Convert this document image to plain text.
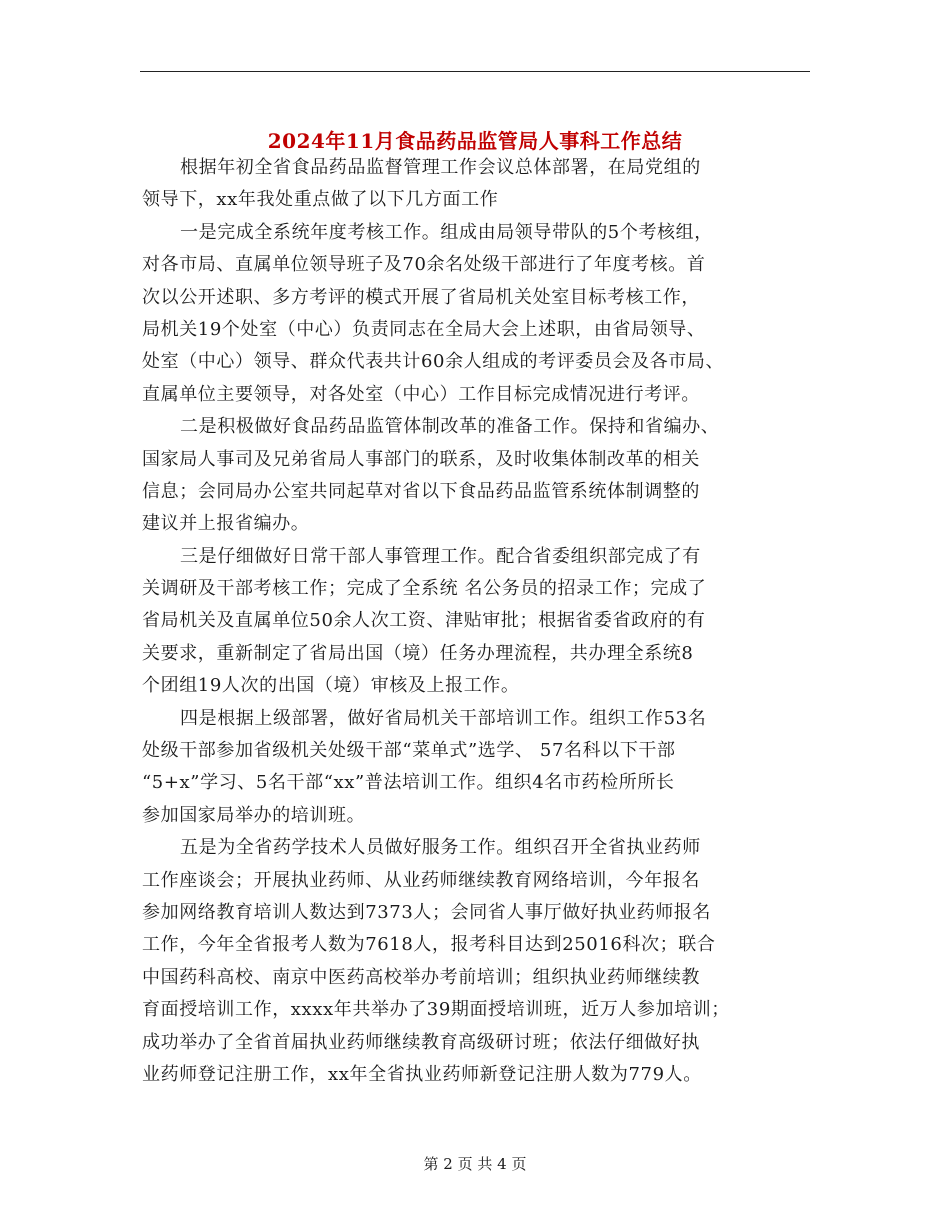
2024年11月食品药品监管局人事科工作总结
根据年初全省食品药品监督管理工作会议总体部署，在局党组的
领导下，xx年我处重点做了以下几方面工作
一是完成全系统年度考核工作。组成由局领导带队的5个考核组，
对各市局、直属单位领导班子及70余名处级干部进行了年度考核。首
次以公开述职、多方考评的模式开展了省局机关处室目标考核工作，
局机关19个处室（中心）负责同志在全局大会上述职，由省局领导、
处室（中心）领导、群众代表共计60余人组成的考评委员会及各市局、
直属单位主要领导，对各处室（中心）工作目标完成情况进行考评。
二是积极做好食品药品监管体制改革的准备工作。保持和省编办、
国家局人事司及兄弟省局人事部门的联系，及时收集体制改革的相关
信息；会同局办公室共同起草对省以下食品药品监管系统体制调整的
建议并上报省编办。
三是仔细做好日常干部人事管理工作。配合省委组织部完成了有
关调研及干部考核工作；完成了全系统 名公务员的招录工作；完成了
省局机关及直属单位50余人次工资、津贴审批；根据省委省政府的有
关要求，重新制定了省局出国（境）任务办理流程，共办理全系统8
个团组19人次的出国（境）审核及上报工作。
四是根据上级部署，做好省局机关干部培训工作。组织工作53名
处级干部参加省级机关处级干部“菜单式”选学、 57名科以下干部
“5+x”学习、5名干部“xx”普法培训工作。组织4名市药检所所长
参加国家局举办的培训班。
五是为全省药学技术人员做好服务工作。组织召开全省执业药师
工作座谈会；开展执业药师、从业药师继续教育网络培训，今年报名
参加网络教育培训人数达到7373人；会同省人事厅做好执业药师报名
工作，今年全省报考人数为7618人，报考科目达到25016科次；联合
中国药科高校、南京中医药高校举办考前培训；组织执业药师继续教
育面授培训工作，xxxx年共举办了39期面授培训班，近万人参加培训；
成功举办了全省首届执业药师继续教育高级研讨班；依法仔细做好执
业药师登记注册工作，xx年全省执业药师新登记注册人数为779人。
第 2 页 共 4 页
